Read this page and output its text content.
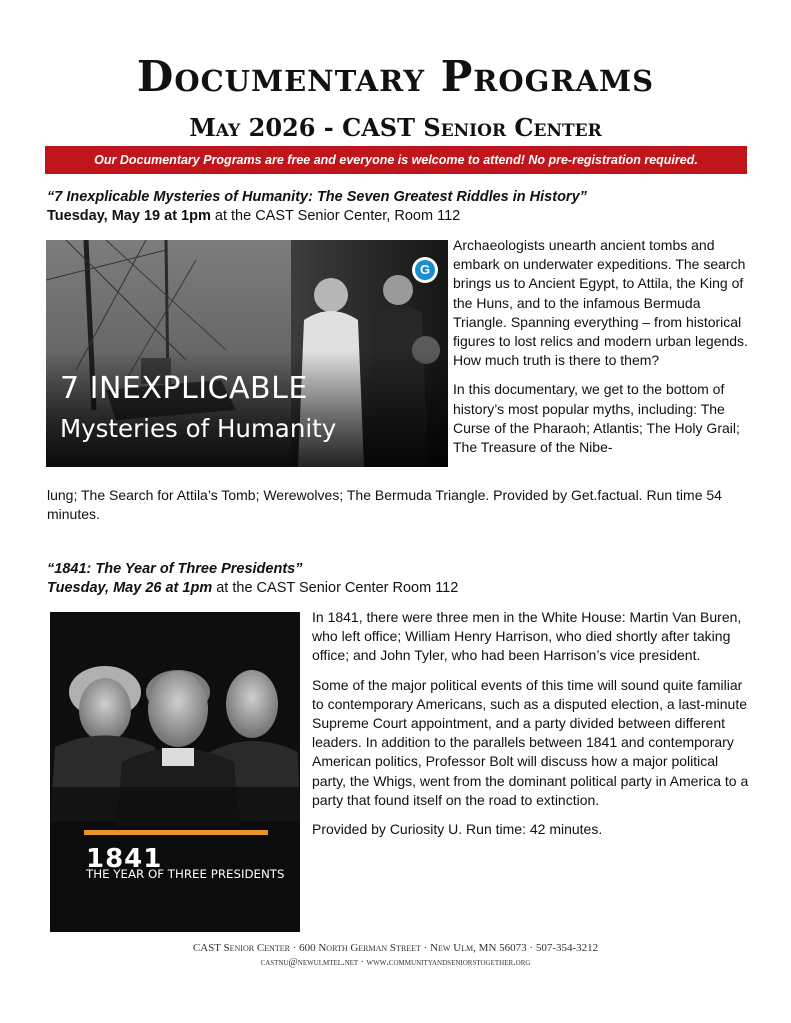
Documentary Programs
May 2026 - CAST Senior Center
Our Documentary Programs are free and everyone is welcome to attend! No pre-registration required.
“7 Inexplicable Mysteries of Humanity: The Seven Greatest Riddles in History”
Tuesday, May 19 at 1pm at the CAST Senior Center, Room 112
G
7 INEXPLICABLE
Mysteries of Humanity

Archaeologists unearth ancient tombs and embark on underwater expeditions. The search brings us to Ancient Egypt, to Attila, the King of the Huns, and to the infamous Bermuda Triangle. Spanning everything – from historical figures to lost relics and modern urban legends. How much truth is there to them?

In this documentary, we get to the bottom of history’s most popular myths, including: The Curse of the Pharaoh; Atlantis; The Holy Grail; The Treasure of the Nibe-

lung; The Search for Attila’s Tomb; Werewolves; The Bermuda Triangle. Provided by Get.factual. Run time 54 minutes.

“1841: The Year of Three Presidents”
Tuesday, May 26 at 1pm at the CAST Senior Center Room 112
1841
THE YEAR OF THREE PRESIDENTS

In 1841, there were three men in the White House: Martin Van Buren, who left office; William Henry Harrison, who died shortly after taking office; and John Tyler, who had been Harrison’s vice president.

Some of the major political events of this time will sound quite familiar to contemporary Americans, such as a disputed election, a last-minute Supreme Court appointment, and a party divided between different leaders. In addition to the parallels between 1841 and contemporary American politics, Professor Bolt will discuss how a major political party, the Whigs, went from the dominant political party in America to a party that found itself on the road to extinction.

Provided by Curiosity U. Run time: 42 minutes.

CAST Senior Center · 600 North German Street · New Ulm, MN 56073 · 507-354-3212
castnu@newulmtel.net · www.communityandseniorstogether.org
